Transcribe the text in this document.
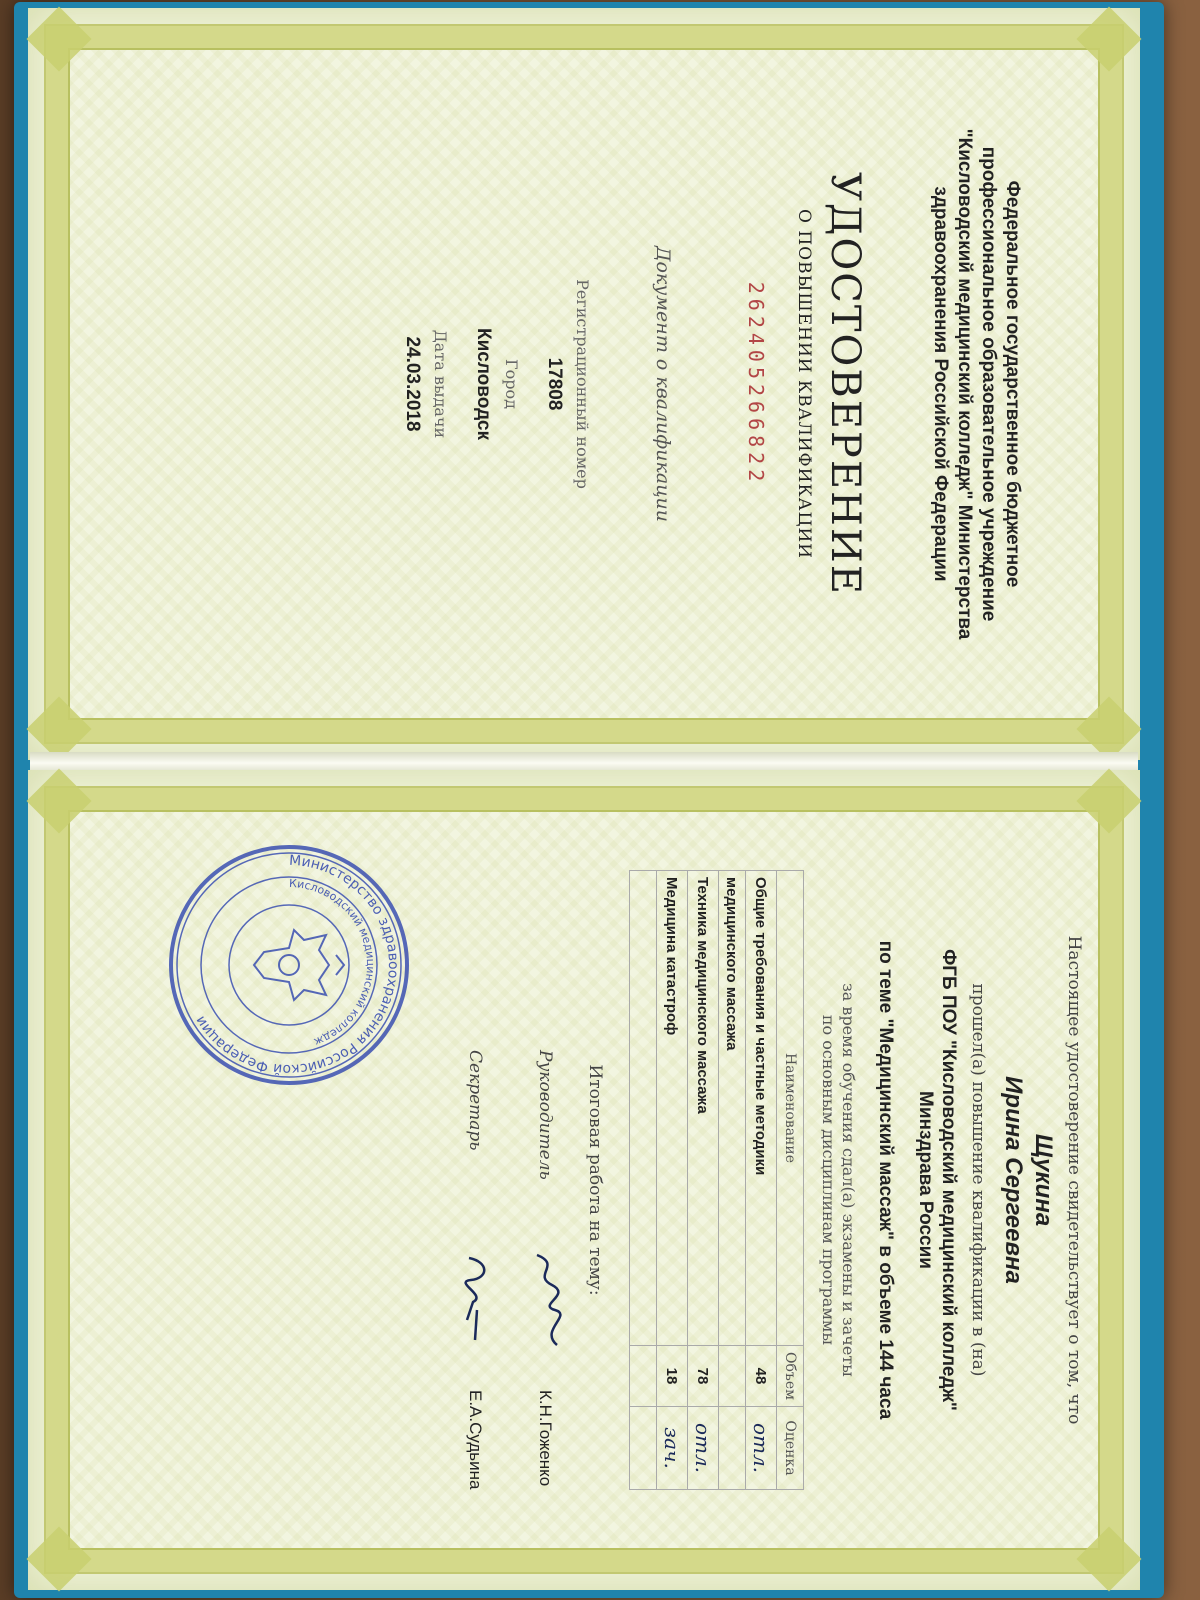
Федеральное государственное бюджетное
профессиональное образовательное учреждение
"Кисловодский медицинский колледж" Министерства
здравоохранения Российской Федерации
УДОСТОВЕРЕНИЕ
О ПОВЫШЕНИИ КВАЛИФИКАЦИИ
262405266822
Документ о квалификации
Регистрационный номер
17808
Город
Кисловодск
Дата выдачи
24.03.2018
Настоящее удостоверение свидетельствует о том, что
Щукина
Ирина Сергеевна
прошел(а) повышение квалификации в (на)
ФГБ ПОУ "Кисловодский медицинский колледж"
Минздрава России
по теме "Медицинский массаж" в объеме 144 часа
за время обучения сдал(а) экзамены и зачеты
по основным дисциплинам программы
Наименование	Объем	Оценка
Общие требования и частные методики	48	отл.
медицинского массажа		
Техника медицинского массажа	78	отл.
Медицина катастроф	18	зач.

Итоговая работа на тему:
Руководитель
К.Н.Гоженко
Секретарь
Е.А.Судьина
Министерство здравоохранения Российской Федерации
Кисловодский медицинский колледж
